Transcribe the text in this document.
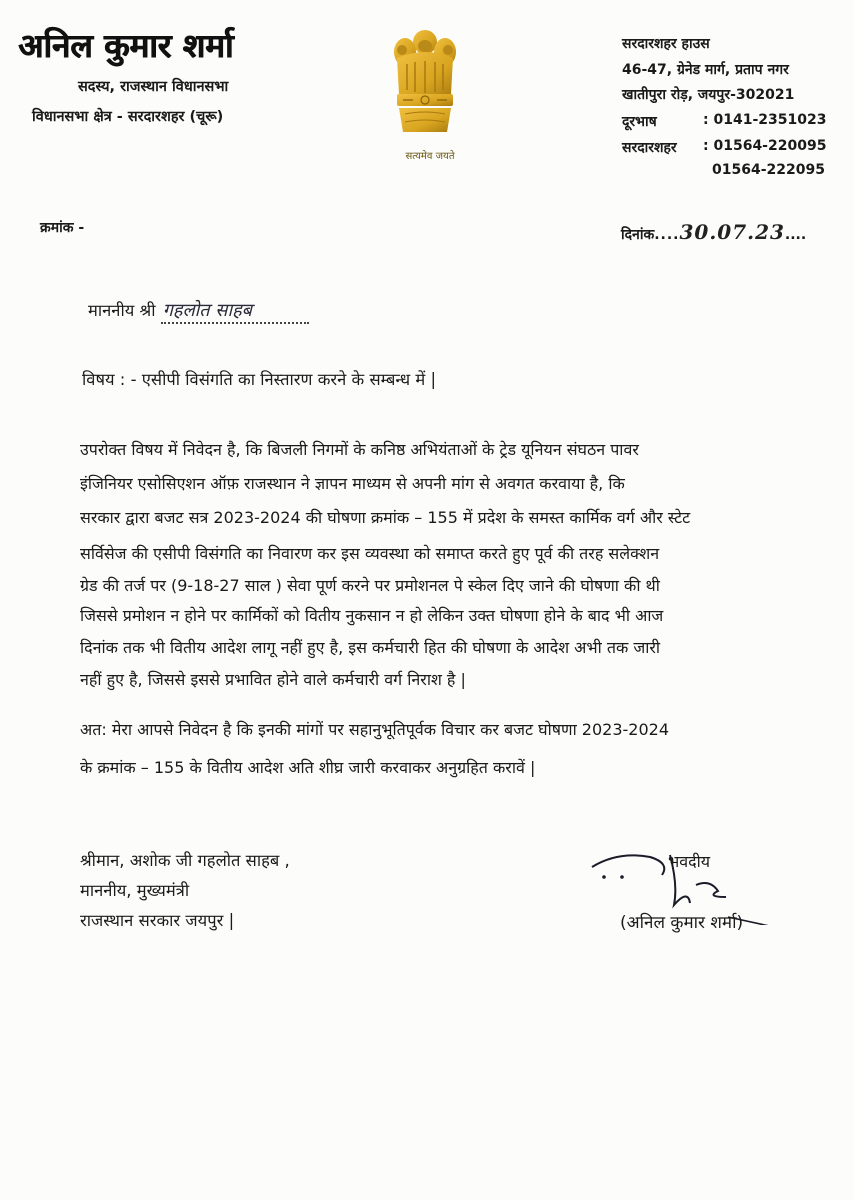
अनिल कुमार शर्मा
सदस्य, राजस्थान विधानसभा
विधानसभा क्षेत्र - सरदारशहर (चूरू)
सत्यमेव जयते
सरदारशहर हाउस
46-47, ग्रेनेड मार्ग, प्रताप नगर
खातीपुरा रोड़, जयपुर-302021
दूरभाष	: 0141-2351023
सरदारशहर : 01564-220095
01564-222095
क्रमांक -	दिनांक....30.07.23....
माननीय श्री गहलोत साहब
विषय : - एसीपी विसंगति का निस्तारण करने के सम्बन्ध में |
उपरोक्त विषय में निवेदन है, कि बिजली निगमों के कनिष्ठ अभियंताओं के ट्रेड यूनियन संघठन पावर
इंजिनियर एसोसिएशन ऑफ़ राजस्थान ने ज्ञापन माध्यम से अपनी मांग से अवगत करवाया है, कि
सरकार द्वारा बजट सत्र 2023-2024 की घोषणा क्रमांक – 155 में प्रदेश के समस्त कार्मिक वर्ग और स्टेट
सर्विसेज की एसीपी विसंगति का निवारण कर इस व्यवस्था को समाप्त करते हुए पूर्व की तरह सलेक्शन
ग्रेड की तर्ज पर (9-18-27 साल ) सेवा पूर्ण करने पर प्रमोशनल पे स्केल दिए जाने की घोषणा की थी
जिससे प्रमोशन न होने पर कार्मिकों को वितीय नुकसान न हो लेकिन उक्त घोषणा होने के बाद भी आज
दिनांक तक भी वितीय आदेश लागू नहीं हुए है, इस कर्मचारी हित की घोषणा के आदेश अभी तक जारी
नहीं हुए है, जिससे इससे प्रभावित होने वाले कर्मचारी वर्ग निराश है |
अत: मेरा आपसे निवेदन है कि इनकी मांगों पर सहानुभूतिपूर्वक विचार कर बजट घोषणा 2023-2024
के क्रमांक – 155 के वितीय आदेश अति शीघ्र जारी करवाकर अनुग्रहित करावें |
श्रीमान, अशोक जी गहलोत साहब ,
माननीय, मुख्यमंत्री
राजस्थान सरकार जयपुर |
भवदीय
(अनिल कुमार शर्मा)
